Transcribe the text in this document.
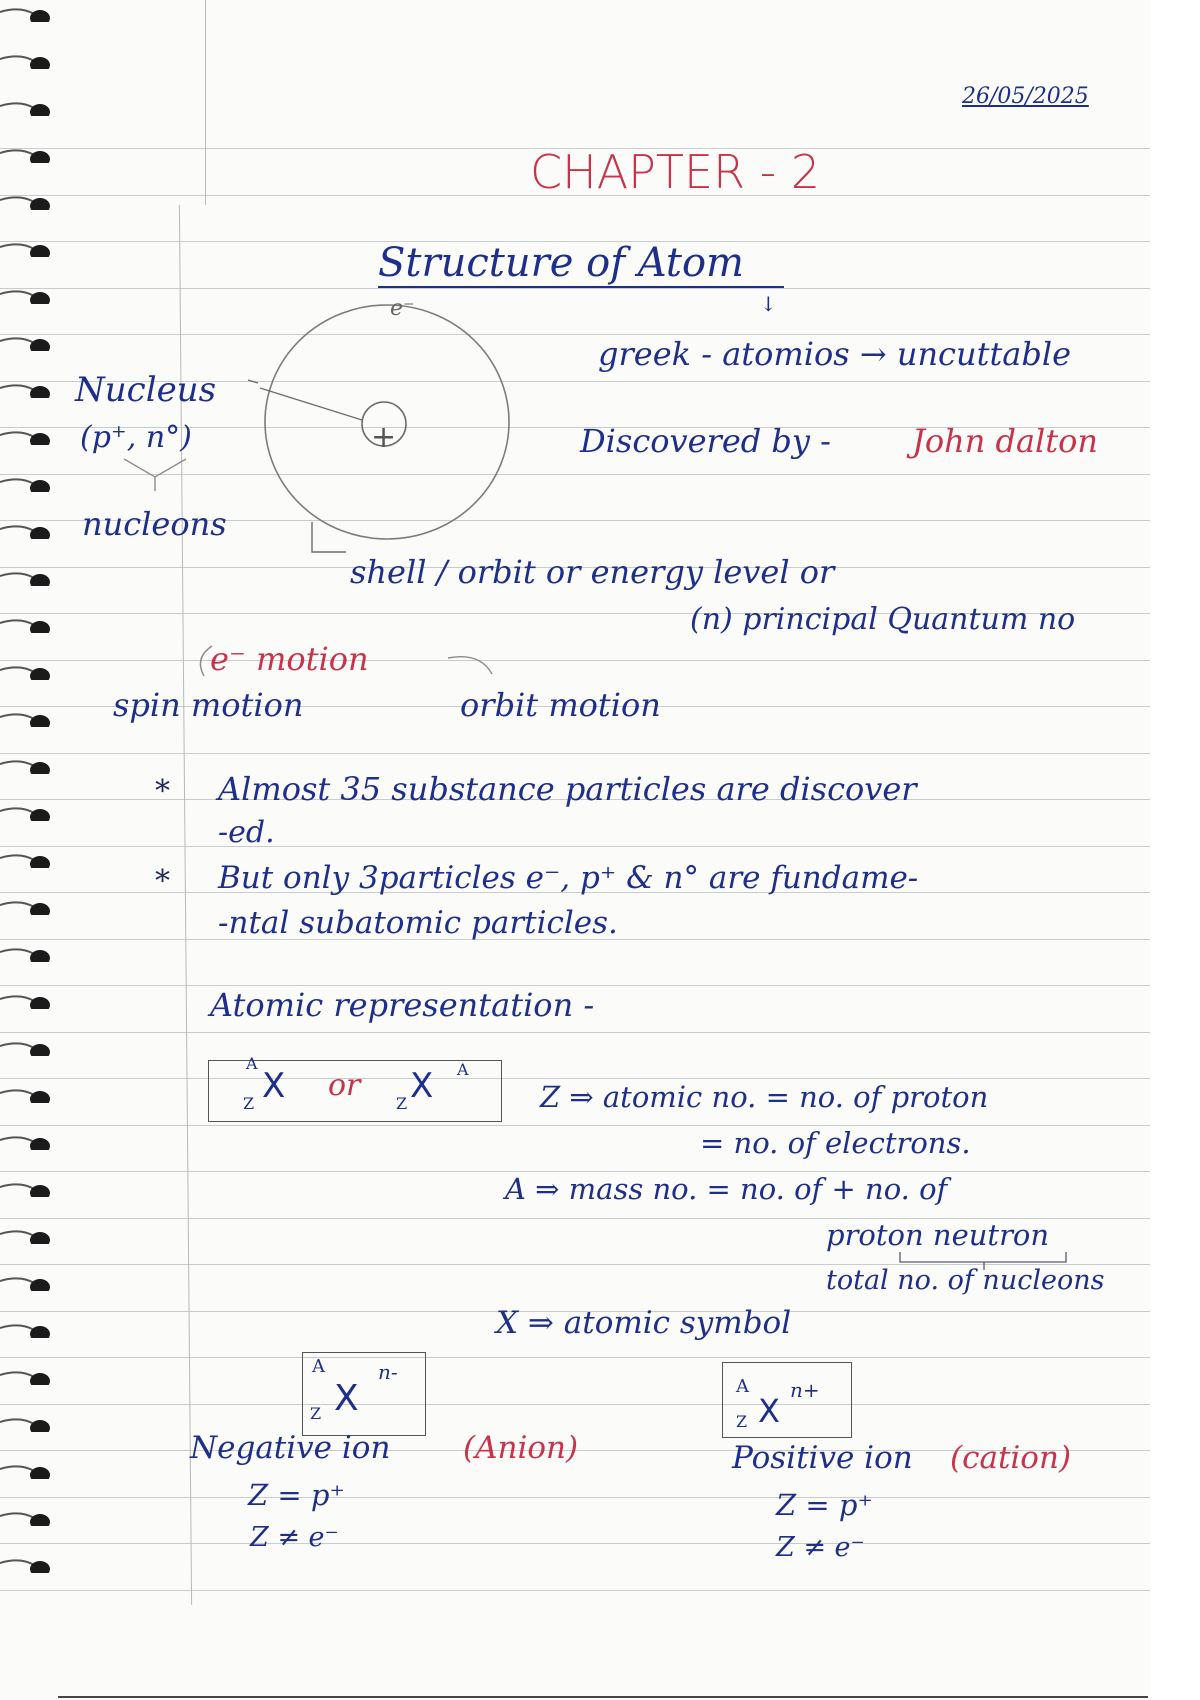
26/05/2025
CHAPTER - 2
Structure of Atom
↓
+
e⁻
Nucleus
(p⁺, n°)
nucleons
greek - atomios → uncuttable
Discovered by -	John dalton
shell / orbit or energy level or
(n) principal Quantum no
e⁻ motion
spin motion	orbit motion
* Almost 35 substance particles are discover
-ed.
* But only 3particles e⁻, p⁺ & n° are fundame-
-ntal subatomic particles.
Atomic representation -
A
Z X or
Z X A
Z ⇒ atomic no. = no. of proton
= no. of electrons.
A ⇒ mass no. = no. of + no. of
proton neutron
total no. of nucleons
X ⇒ atomic symbol
A
Z X
n-
Negative ion (Anion)
Z = p⁺
Z ≠ e⁻
A
Z X
n+
Positive ion (cation)
Z = p⁺
Z ≠ e⁻
